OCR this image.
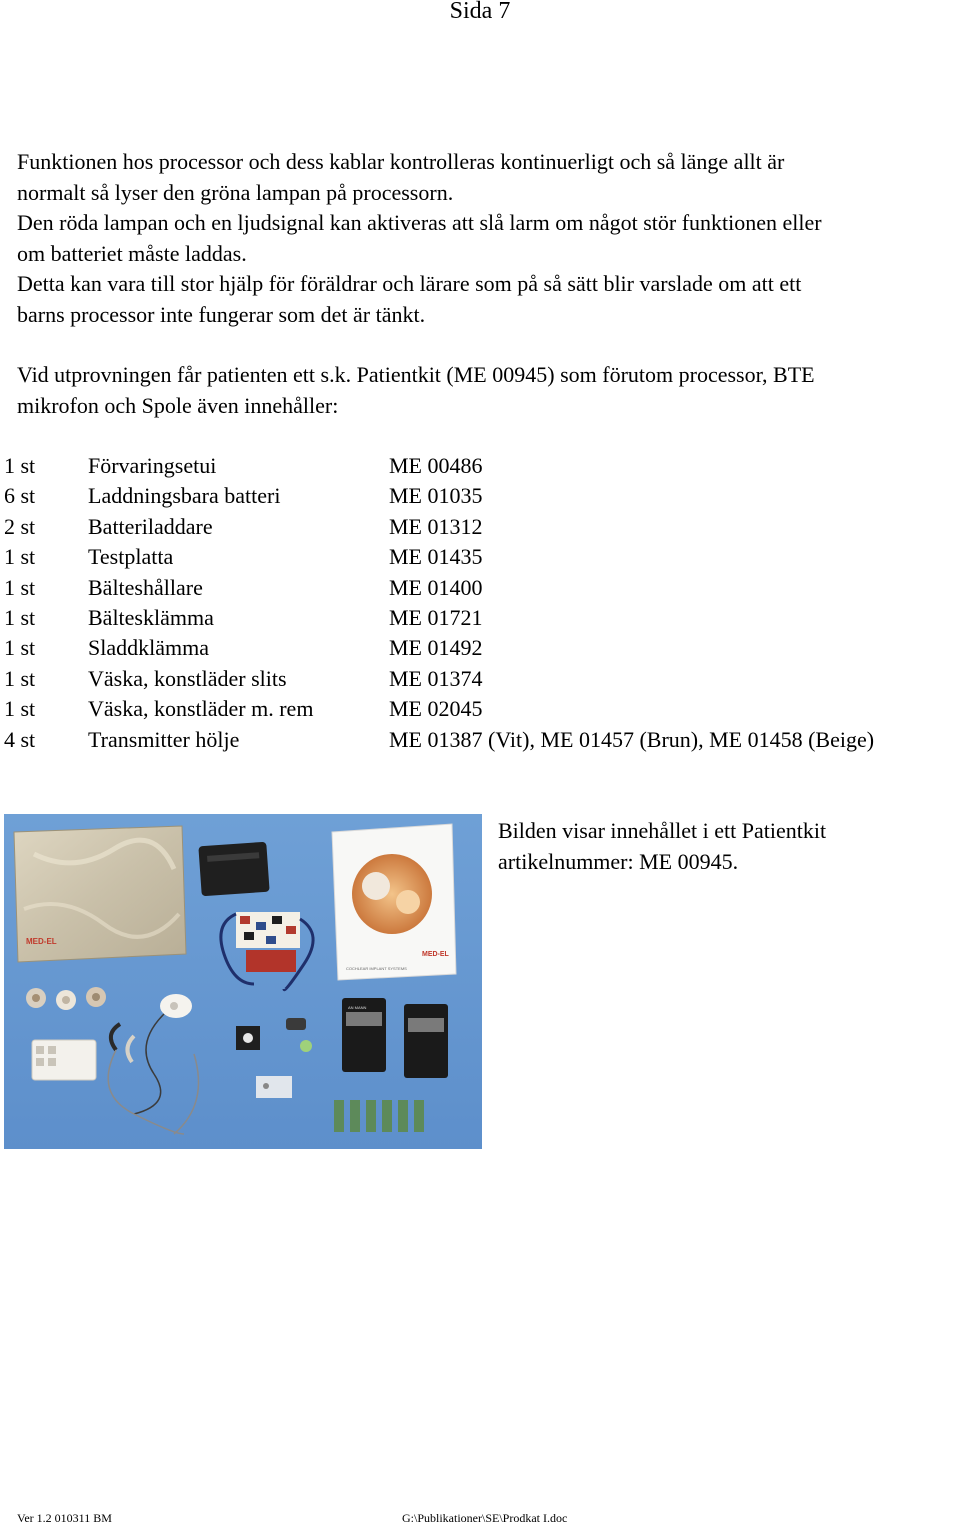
Sida 7
Funktionen hos processor och dess kablar kontrolleras kontinuerligt och så länge allt är
normalt så lyser den gröna lampan på processorn.
Den röda lampan och en ljudsignal kan aktiveras att slå larm om något stör funktionen eller
om batteriet måste laddas.
Detta kan vara till stor hjälp för föräldrar och lärare som på så sätt blir varslade om att ett
barns processor inte fungerar som det är tänkt.
Vid utprovningen får patienten ett s.k. Patientkit (ME 00945) som förutom processor, BTE
mikrofon och Spole även innehåller:
1 st Förvaringsetui	ME 00486
6 st Laddningsbara batteri	ME 01035
2 st Batteriladdare	ME 01312
1 st Testplatta	ME 01435
1 st Bälteshållare	ME 01400
1 st Bältesklämma	ME 01721
1 st Sladdklämma	ME 01492
1 st Väska, konstläder slits	ME 01374
1 st Väska, konstläder m. rem	ME 02045
4 st Transmitter hölje	ME 01387 (Vit), ME 01457 (Brun), ME 01458 (Beige)
MED-EL
MED-EL
COCHLEAR IMPLANT SYSTEMS
AN MANN
Bilden visar innehållet i ett Patientkit
artikelnummer: ME 00945.
Ver 1.2 010311 BM	G:\Publikationer\SE\Prodkat I.doc
